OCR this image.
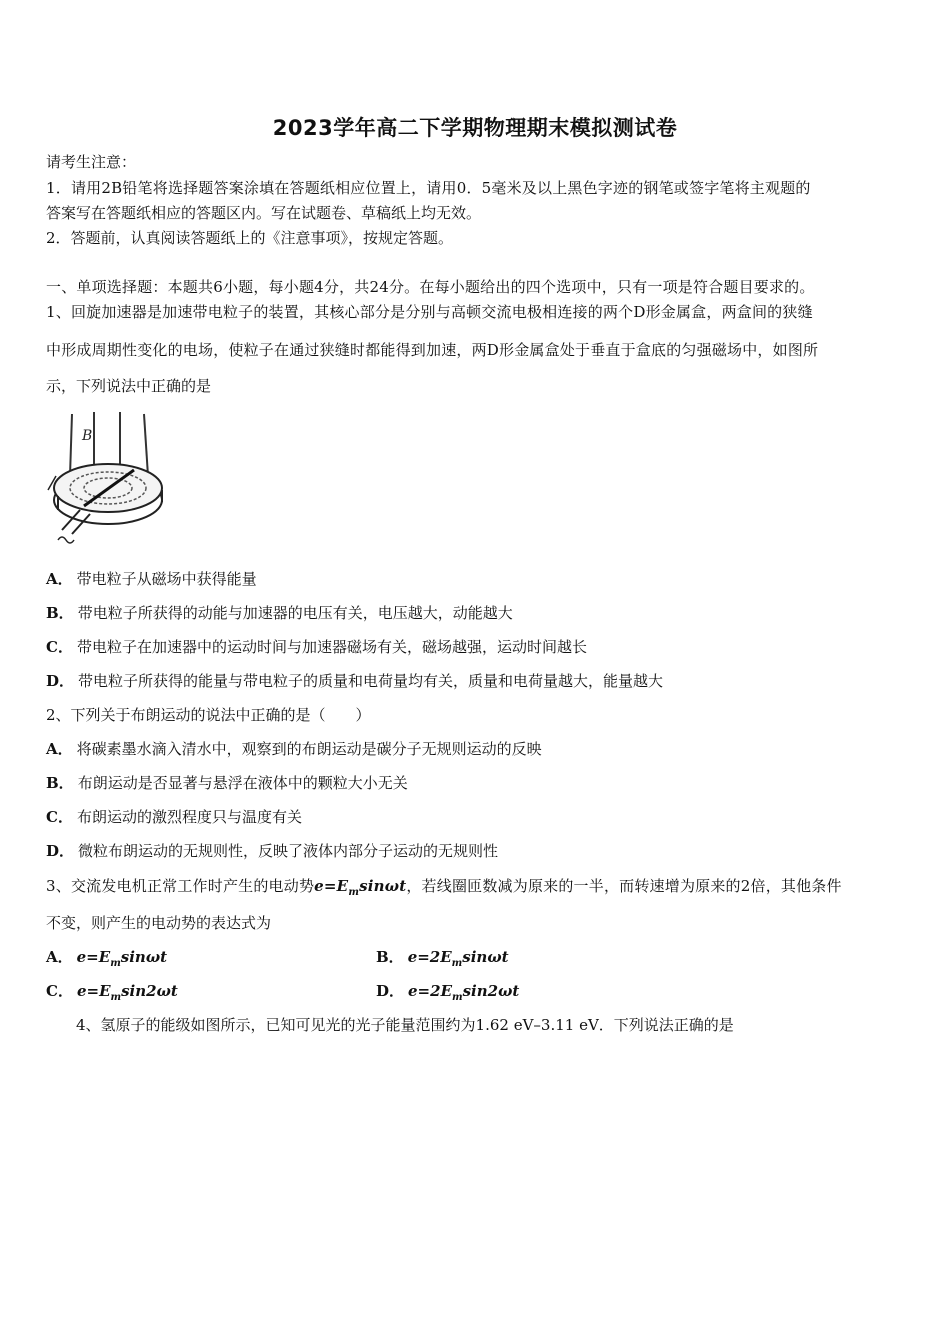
2023学年高二下学期物理期末模拟测试卷
请考生注意：
1．请用2B铅笔将选择题答案涂填在答题纸相应位置上，请用0．5毫米及以上黑色字迹的钢笔或签字笔将主观题的
答案写在答题纸相应的答题区内。写在试题卷、草稿纸上均无效。
2．答题前，认真阅读答题纸上的《注意事项》，按规定答题。
一、单项选择题：本题共6小题，每小题4分，共24分。在每小题给出的四个选项中，只有一项是符合题目要求的。
1、回旋加速器是加速带电粒子的装置，其核心部分是分别与高顿交流电极相连接的两个D形金属盒，两盒间的狭缝
中形成周期性变化的电场，使粒子在通过狭缝时都能得到加速，两D形金属盒处于垂直于盒底的匀强磁场中，如图所
示，下列说法中正确的是
B
A． 带电粒子从磁场中获得能量
B． 带电粒子所获得的动能与加速器的电压有关，电压越大，动能越大
C． 带电粒子在加速器中的运动时间与加速器磁场有关，磁场越强，运动时间越长
D． 带电粒子所获得的能量与带电粒子的质量和电荷量均有关，质量和电荷量越大，能量越大
2、下列关于布朗运动的说法中正确的是（　　）
A． 将碳素墨水滴入清水中，观察到的布朗运动是碳分子无规则运动的反映
B． 布朗运动是否显著与悬浮在液体中的颗粒大小无关
C． 布朗运动的激烈程度只与温度有关
D． 微粒布朗运动的无规则性，反映了液体内部分子运动的无规则性
3、交流发电机正常工作时产生的电动势$e=E_m\sin\omega t$，若线圈匝数减为原来的一半，而转速增为原来的2倍，其他条件
不变，则产生的电动势的表达式为
A． $e=E_m\sin\omega t$	B． $e=2E_m\sin\omega t$
C． $e=E_m\sin 2\omega t$	D． $e=2E_m\sin 2\omega t$
4、氢原子的能级如图所示，已知可见光的光子能量范围约为1.62 eV–3.11 eV．下列说法正确的是
